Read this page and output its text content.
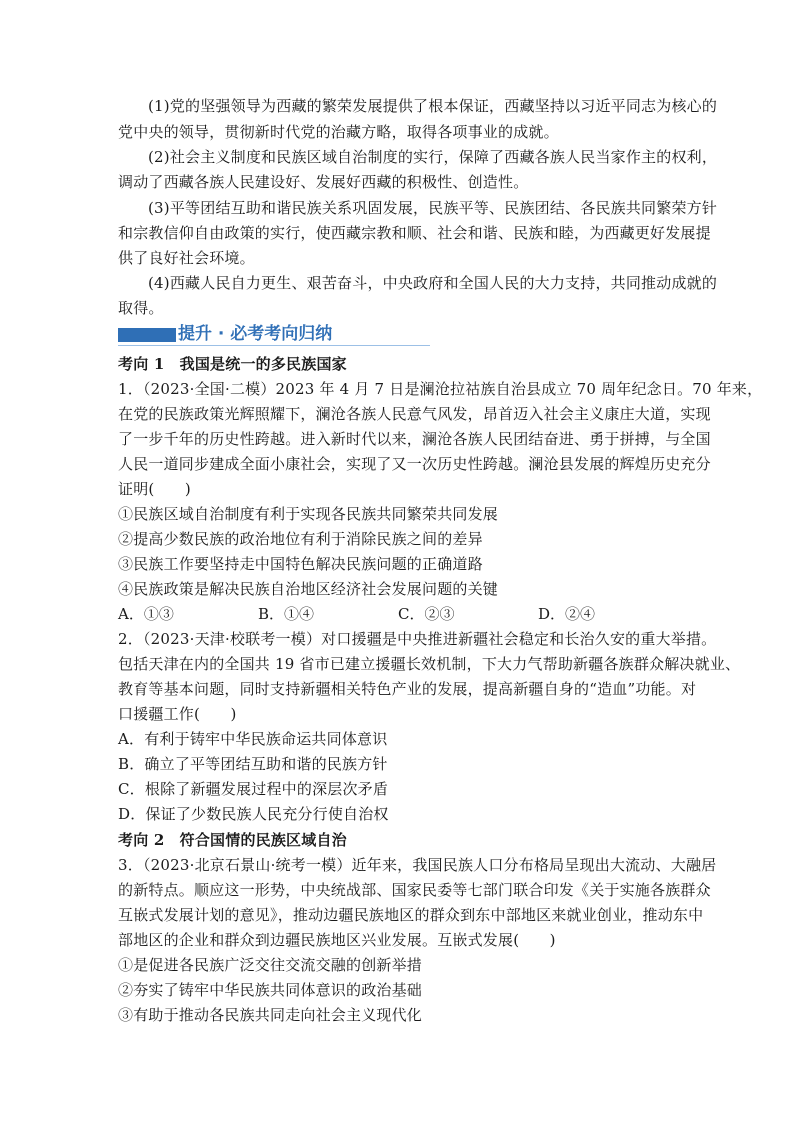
(1)党的坚强领导为西藏的繁荣发展提供了根本保证，西藏坚持以习近平同志为核心的
党中央的领导，贯彻新时代党的治藏方略，取得各项事业的成就。
(2)社会主义制度和民族区域自治制度的实行，保障了西藏各族人民当家作主的权利，
调动了西藏各族人民建设好、发展好西藏的积极性、创造性。
(3)平等团结互助和谐民族关系巩固发展，民族平等、民族团结、各民族共同繁荣方针
和宗教信仰自由政策的实行，使西藏宗教和顺、社会和谐、民族和睦，为西藏更好发展提
供了良好社会环境。
(4)西藏人民自力更生、艰苦奋斗，中央政府和全国人民的大力支持，共同推动成就的
取得。
提升 · 必考考向归纳
考向 1　我国是统一的多民族国家
1．（2023·全国·二模）2023 年 4 月 7 日是澜沧拉祜族自治县成立 70 周年纪念日。70 年来，
在党的民族政策光辉照耀下，澜沧各族人民意气风发，昂首迈入社会主义康庄大道，实现
了一步千年的历史性跨越。进入新时代以来，澜沧各族人民团结奋进、勇于拼搏，与全国
人民一道同步建成全面小康社会，实现了又一次历史性跨越。澜沧县发展的辉煌历史充分
证明(　　)
①民族区域自治制度有利于实现各民族共同繁荣共同发展
②提高少数民族的政治地位有利于消除民族之间的差异
③民族工作要坚持走中国特色解决民族问题的正确道路
④民族政策是解决民族自治地区经济社会发展问题的关键
A．①③	B．①④	C．②③	D．②④
2．（2023·天津·校联考一模）对口援疆是中央推进新疆社会稳定和长治久安的重大举措。
包括天津在内的全国共 19 省市已建立援疆长效机制，下大力气帮助新疆各族群众解决就业、
教育等基本问题，同时支持新疆相关特色产业的发展，提高新疆自身的“造血”功能。对
口援疆工作(　　)
A．有利于铸牢中华民族命运共同体意识
B．确立了平等团结互助和谐的民族方针
C．根除了新疆发展过程中的深层次矛盾
D．保证了少数民族人民充分行使自治权
考向 2　符合国情的民族区域自治
3．（2023·北京石景山·统考一模）近年来，我国民族人口分布格局呈现出大流动、大融居
的新特点。顺应这一形势，中央统战部、国家民委等七部门联合印发《关于实施各族群众
互嵌式发展计划的意见》，推动边疆民族地区的群众到东中部地区来就业创业，推动东中
部地区的企业和群众到边疆民族地区兴业发展。互嵌式发展(　　)
①是促进各民族广泛交往交流交融的创新举措
②夯实了铸牢中华民族共同体意识的政治基础
③有助于推动各民族共同走向社会主义现代化
